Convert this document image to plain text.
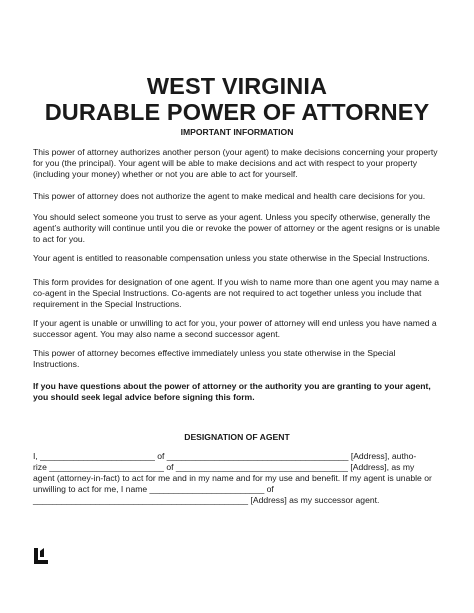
WEST VIRGINIA
DURABLE POWER OF ATTORNEY
IMPORTANT INFORMATION

This power of attorney authorizes another person (your agent) to make decisions concerning your property for you (the principal). Your agent will be able to make decisions and act with respect to your property (including your money) whether or not you are able to act for yourself.

This power of attorney does not authorize the agent to make medical and health care decisions for you.

You should select someone you trust to serve as your agent. Unless you specify otherwise, generally the agent’s authority will continue until you die or revoke the power of attorney or the agent resigns or is unable to act for you.

Your agent is entitled to reasonable compensation unless you state otherwise in the Special Instructions.

This form provides for designation of one agent. If you wish to name more than one agent you may name a co-agent in the Special Instructions. Co-agents are not required to act together unless you include that requirement in the Special Instructions.

If your agent is unable or unwilling to act for you, your power of attorney will end unless you have named a successor agent. You may also name a second successor agent.

This power of attorney becomes effective immediately unless you state otherwise in the Special Instructions.

If you have questions about the power of attorney or the authority you are granting to your agent, you should seek legal advice before signing this form.

DESIGNATION OF AGENT
I, ________________________ of ______________________________________ [Address], autho-
rize ________________________ of ____________________________________ [Address], as my
agent (attorney-in-fact) to act for me and in my name and for my use and benefit. If my agent is unable or
unwilling to act for me, I name ________________________ of
_____________________________________________ [Address] as my successor agent.
